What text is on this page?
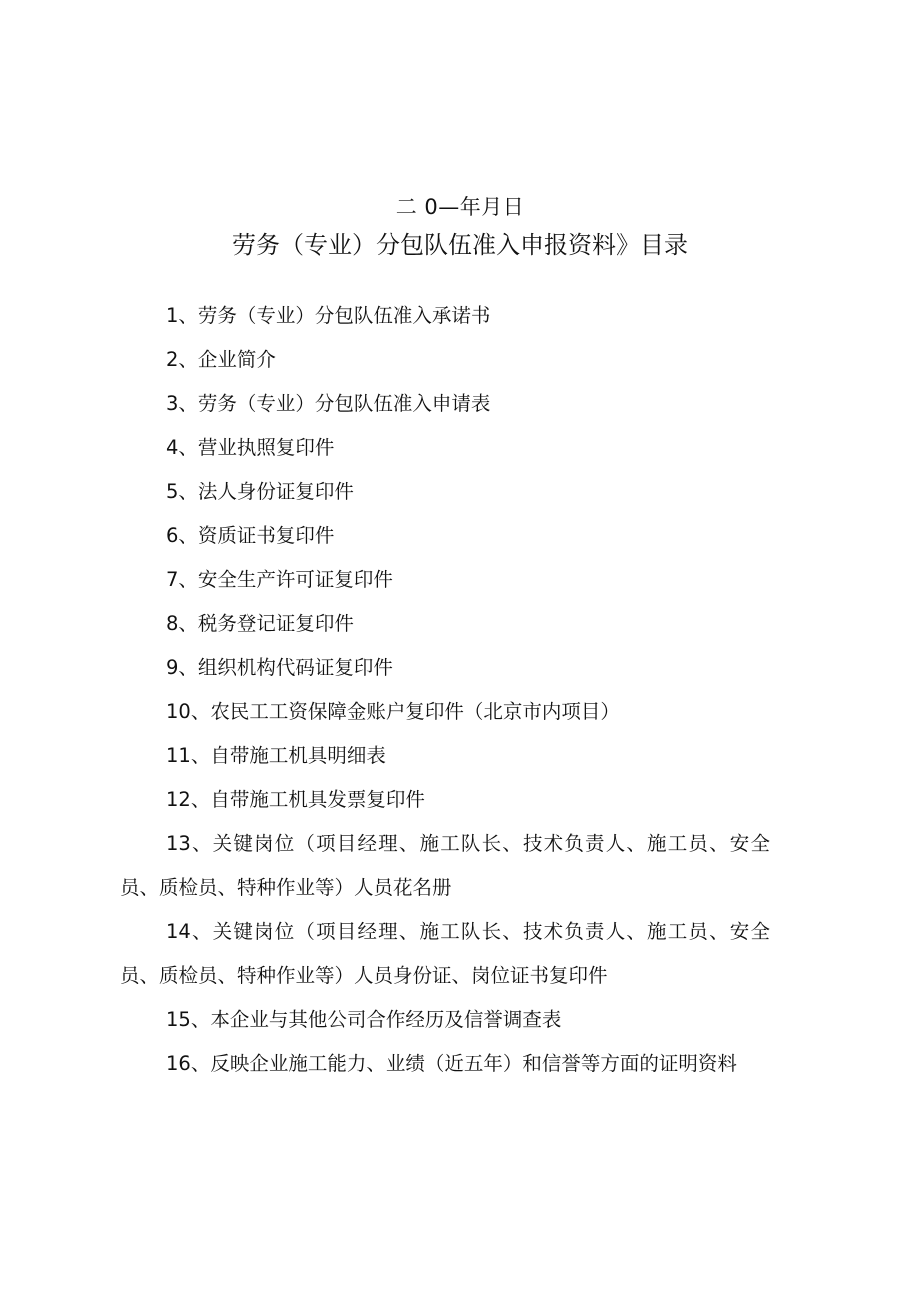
二 0—年月日
劳务（专业）分包队伍准入申报资料》目录
1、劳务（专业）分包队伍准入承诺书
2、企业简介
3、劳务（专业）分包队伍准入申请表
4、营业执照复印件
5、法人身份证复印件
6、资质证书复印件
7、安全生产许可证复印件
8、税务登记证复印件
9、组织机构代码证复印件
10、农民工工资保障金账户复印件（北京市内项目）
11、自带施工机具明细表
12、自带施工机具发票复印件
13、关键岗位（项目经理、施工队长、技术负责人、施工员、安全员、质检员、特种作业等）人员花名册
14、关键岗位（项目经理、施工队长、技术负责人、施工员、安全员、质检员、特种作业等）人员身份证、岗位证书复印件
15、本企业与其他公司合作经历及信誉调查表
16、反映企业施工能力、业绩（近五年）和信誉等方面的证明资料
